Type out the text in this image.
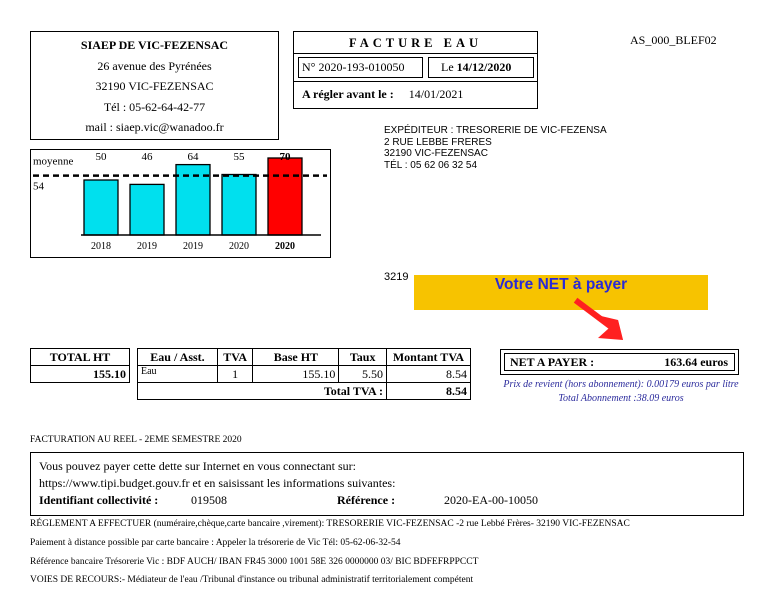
SIAEP DE VIC-FEZENSAC
26 avenue des Pyrénées
32190 VIC-FEZENSAC
Tél : 05-62-64-42-77
mail : siaep.vic@wanadoo.fr
FACTURE EAU
N° 2020-193-010050	Le 14/12/2020
A régler avant le : 14/01/2021
AS_000_BLEF02
EXPÉDITEUR : TRESORERIE DE VIC-FEZENSA
2 RUE LEBBE FRERES
32190 VIC-FEZENSAC
TÉL : 05 62 06 32 54
50
2018
46
2019
64
2019
55
2020
70
2020
moyenne
54
3219	Votre NET à payer
TOTAL HT
155.10
Eau / Asst.	TVA	Base HT	Taux	Montant TVA
Eau	1	155.10	5.50	8.54
Total TVA :				8.54
NET A PAYER :	163.64 euros
Prix de revient (hors abonnement): 0.00179 euros par litre
Total Abonnement :38.09 euros
FACTURATION AU REEL - 2EME SEMESTRE 2020
Vous pouvez payer cette dette sur Internet en vous connectant sur:
https://www.tipi.budget.gouv.fr et en saisissant les informations suivantes:
Identifiant collectivité :	019508	Référence :	2020-EA-00-10050
RÉGLEMENT A EFFECTUER (numéraire,chèque,carte bancaire ,virement): TRESORERIE VIC-FEZENSAC -2 rue Lebbé Frères- 32190 VIC-FEZENSAC
Paiement à distance possible par carte bancaire : Appeler la trésorerie de Vic Tél: 05-62-06-32-54
Référence bancaire Trésorerie Vic : BDF AUCH/ IBAN FR45 3000 1001 58E 326 0000000 03/ BIC BDFEFRPPCCT
VOIES DE RECOURS:- Médiateur de l'eau /Tribunal d'instance ou tribunal administratif territorialement compétent
